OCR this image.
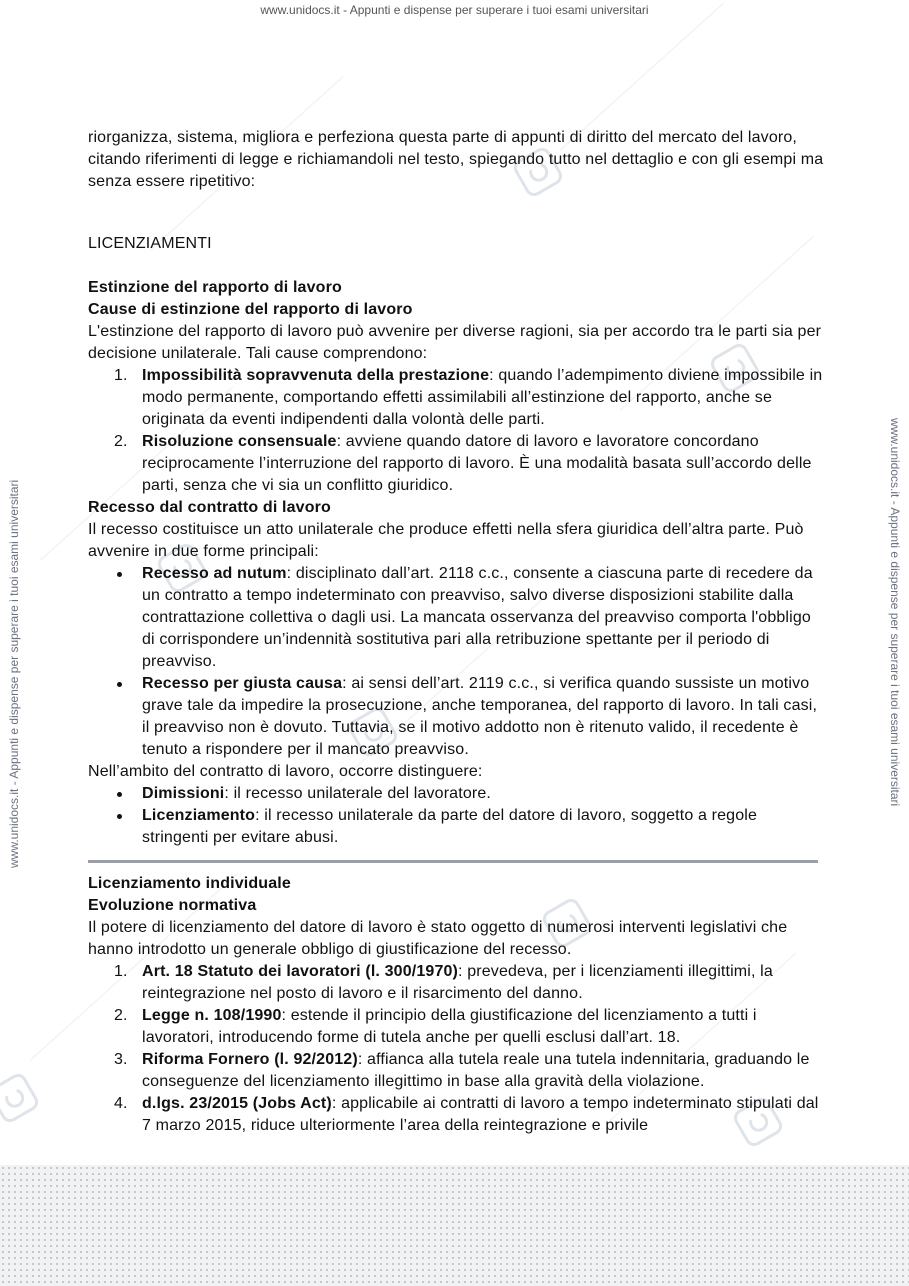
www.unidocs.it - Appunti e dispense per superare i tuoi esami universitari
www.unidocs.it - Appunti e dispense per superare i tuoi esami universitari	www.unidocs.it - Appunti e dispense per superare i tuoi esami universitari

riorganizza, sistema, migliora e perfeziona questa parte di appunti di diritto del mercato del lavoro, citando riferimenti di legge e richiamandoli nel testo, spiegando tutto nel dettaglio e con gli esempi ma senza essere ripetitivo:

LICENZIAMENTI

Estinzione del rapporto di lavoro

Cause di estinzione del rapporto di lavoro

L'estinzione del rapporto di lavoro può avvenire per diverse ragioni, sia per accordo tra le parti sia per decisione unilaterale. Tali cause comprendono:

1. Impossibilità sopravvenuta della prestazione: quando l’adempimento diviene impossibile in modo permanente, comportando effetti assimilabili all’estinzione del rapporto, anche se originata da eventi indipendenti dalla volontà delle parti.
2. Risoluzione consensuale: avviene quando datore di lavoro e lavoratore concordano reciprocamente l’interruzione del rapporto di lavoro. È una modalità basata sull’accordo delle parti, senza che vi sia un conflitto giuridico.

Recesso dal contratto di lavoro

Il recesso costituisce un atto unilaterale che produce effetti nella sfera giuridica dell’altra parte. Può avvenire in due forme principali:

Recesso ad nutum: disciplinato dall’art. 2118 c.c., consente a ciascuna parte di recedere da un contratto a tempo indeterminato con preavviso, salvo diverse disposizioni stabilite dalla contrattazione collettiva o dagli usi. La mancata osservanza del preavviso comporta l'obbligo di corrispondere un’indennità sostitutiva pari alla retribuzione spettante per il periodo di preavviso.
Recesso per giusta causa: ai sensi dell’art. 2119 c.c., si verifica quando sussiste un motivo grave tale da impedire la prosecuzione, anche temporanea, del rapporto di lavoro. In tali casi, il preavviso non è dovuto. Tuttavia, se il motivo addotto non è ritenuto valido, il recedente è tenuto a rispondere per il mancato preavviso.

Nell’ambito del contratto di lavoro, occorre distinguere:

Dimissioni: il recesso unilaterale del lavoratore.
Licenziamento: il recesso unilaterale da parte del datore di lavoro, soggetto a regole stringenti per evitare abusi.

Licenziamento individuale

Evoluzione normativa

Il potere di licenziamento del datore di lavoro è stato oggetto di numerosi interventi legislativi che hanno introdotto un generale obbligo di giustificazione del recesso.

1. Art. 18 Statuto dei lavoratori (l. 300/1970): prevedeva, per i licenziamenti illegittimi, la reintegrazione nel posto di lavoro e il risarcimento del danno.
2. Legge n. 108/1990: estende il principio della giustificazione del licenziamento a tutti i lavoratori, introducendo forme di tutela anche per quelli esclusi dall’art. 18.
3. Riforma Fornero (l. 92/2012): affianca alla tutela reale una tutela indennitaria, graduando le conseguenze del licenziamento illegittimo in base alla gravità della violazione.
4. d.lgs. 23/2015 (Jobs Act): applicabile ai contratti di lavoro a tempo indeterminato stipulati dal 7 marzo 2015, riduce ulteriormente l’area della reintegrazione e privile
